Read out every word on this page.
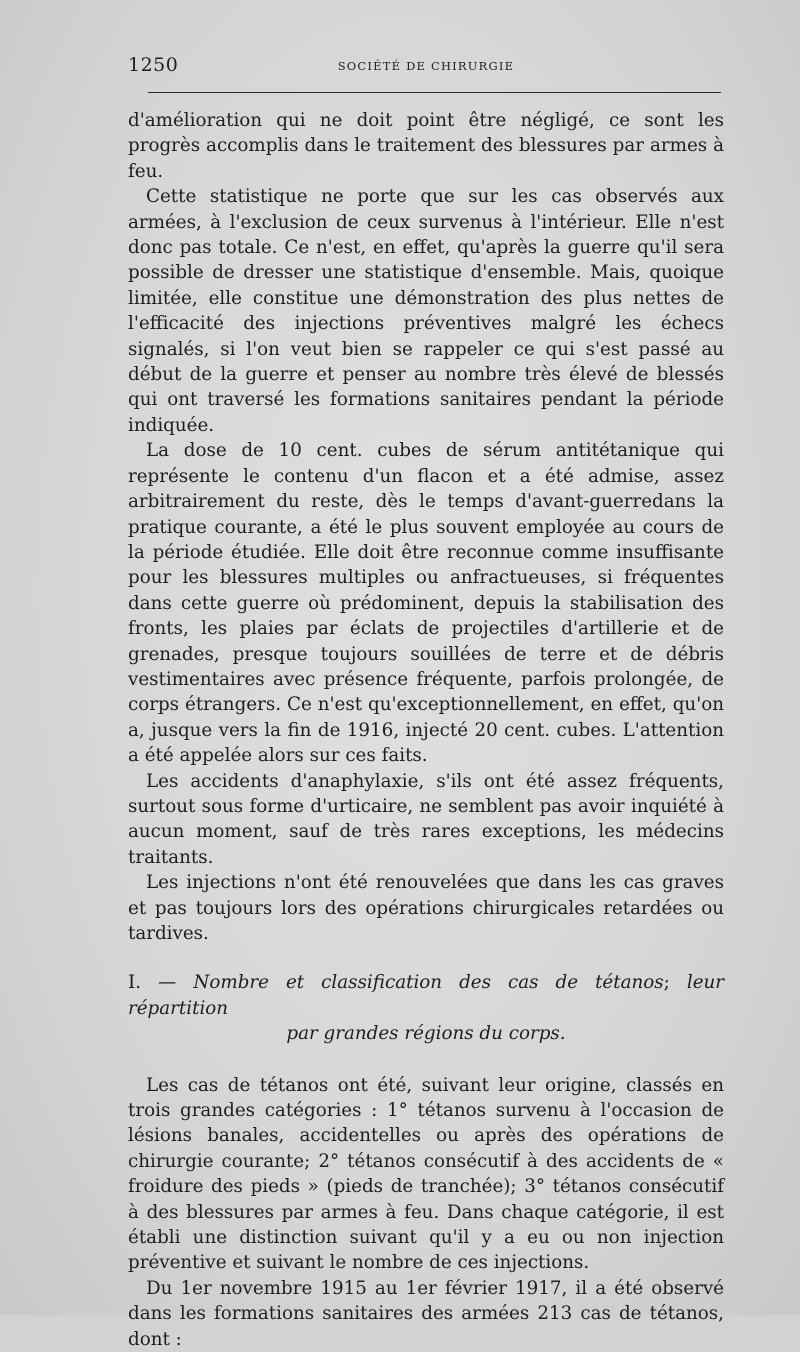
1250	SOCIÉTÉ DE CHIRURGIE

d'amélioration qui ne doit point être négligé, ce sont les progrès accomplis dans le traitement des blessures par armes à feu.

Cette statistique ne porte que sur les cas observés aux armées, à l'exclusion de ceux survenus à l'intérieur. Elle n'est donc pas totale. Ce n'est, en effet, qu'après la guerre qu'il sera possible de dresser une statistique d'ensemble. Mais, quoique limitée, elle constitue une démonstration des plus nettes de l'efficacité des injections préventives malgré les échecs signalés, si l'on veut bien se rappeler ce qui s'est passé au début de la guerre et penser au nombre très élevé de blessés qui ont traversé les formations sanitaires pendant la période indiquée.

La dose de 10 cent. cubes de sérum antitétanique qui représente le contenu d'un flacon et a été admise, assez arbitrairement du reste, dès le temps d'avant-guerredans la pratique courante, a été le plus souvent employée au cours de la période étudiée. Elle doit être reconnue comme insuffisante pour les blessures multiples ou anfractueuses, si fréquentes dans cette guerre où prédominent, depuis la stabilisation des fronts, les plaies par éclats de projectiles d'artillerie et de grenades, presque toujours souillées de terre et de débris vestimentaires avec présence fréquente, parfois prolongée, de corps étrangers. Ce n'est qu'exceptionnellement, en effet, qu'on a, jusque vers la fin de 1916, injecté 20 cent. cubes. L'attention a été appelée alors sur ces faits.

Les accidents d'anaphylaxie, s'ils ont été assez fréquents, surtout sous forme d'urticaire, ne semblent pas avoir inquiété à aucun moment, sauf de très rares exceptions, les médecins traitants.

Les injections n'ont été renouvelées que dans les cas graves et pas toujours lors des opérations chirurgicales retardées ou tardives.

I. — Nombre et classification des cas de tétanos; leur répartition
par grandes régions du corps.

Les cas de tétanos ont été, suivant leur origine, classés en trois grandes catégories : 1° tétanos survenu à l'occasion de lésions banales, accidentelles ou après des opérations de chirurgie courante; 2° tétanos consécutif à des accidents de « froidure des pieds » (pieds de tranchée); 3° tétanos consécutif à des blessures par armes à feu. Dans chaque catégorie, il est établi une distinction suivant qu'il y a eu ou non injection préventive et suivant le nombre de ces injections.

Du 1er novembre 1915 au 1er février 1917, il a été observé dans les formations sanitaires des armées 213 cas de tétanos, dont :
